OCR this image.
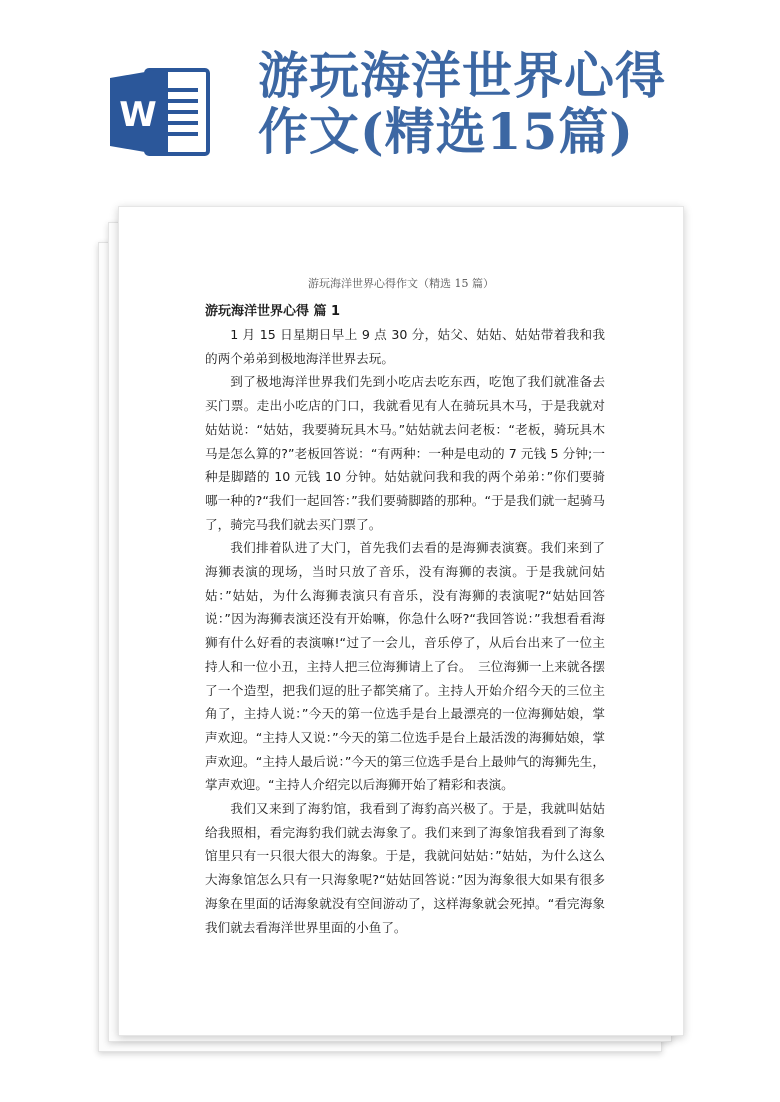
W
游玩海洋世界心得
作文(精选15篇)
游玩海洋世界心得作文（精选 15 篇）

游玩海洋世界心得 篇 1

1 月 15 日星期日早上 9 点 30 分，姑父、姑姑、姑姑带着我和我的两个弟弟到极地海洋世界去玩。

到了极地海洋世界我们先到小吃店去吃东西，吃饱了我们就准备去买门票。走出小吃店的门口，我就看见有人在骑玩具木马，于是我就对姑姑说：“姑姑，我要骑玩具木马。”姑姑就去问老板：“老板，骑玩具木马是怎么算的?”老板回答说：“有两种：一种是电动的 7 元钱 5 分钟;一种是脚踏的 10 元钱 10 分钟。姑姑就问我和我的两个弟弟：”你们要骑哪一种的?“我们一起回答：”我们要骑脚踏的那种。“于是我们就一起骑马了，骑完马我们就去买门票了。

我们排着队进了大门，首先我们去看的是海狮表演赛。我们来到了海狮表演的现场，当时只放了音乐，没有海狮的表演。于是我就问姑姑：”姑姑，为什么海狮表演只有音乐，没有海狮的表演呢?“姑姑回答说：”因为海狮表演还没有开始嘛，你急什么呀?“我回答说：”我想看看海狮有什么好看的表演嘛!“过了一会儿，音乐停了，从后台出来了一位主持人和一位小丑，主持人把三位海狮请上了台。　三位海狮一上来就各摆了一个造型，把我们逗的肚子都笑痛了。主持人开始介绍今天的三位主角了，主持人说：”今天的第一位选手是台上最漂亮的一位海狮姑娘，掌声欢迎。“主持人又说：”今天的第二位选手是台上最活泼的海狮姑娘，掌声欢迎。“主持人最后说：”今天的第三位选手是台上最帅气的海狮先生，掌声欢迎。“主持人介绍完以后海狮开始了精彩和表演。

我们又来到了海豹馆，我看到了海豹高兴极了。于是，我就叫姑姑给我照相，看完海豹我们就去海象了。我们来到了海象馆我看到了海象馆里只有一只很大很大的海象。于是，我就问姑姑：”姑姑，为什么这么大海象馆怎么只有一只海象呢?“姑姑回答说：”因为海象很大如果有很多海象在里面的话海象就没有空间游动了，这样海象就会死掉。“看完海象我们就去看海洋世界里面的小鱼了。
